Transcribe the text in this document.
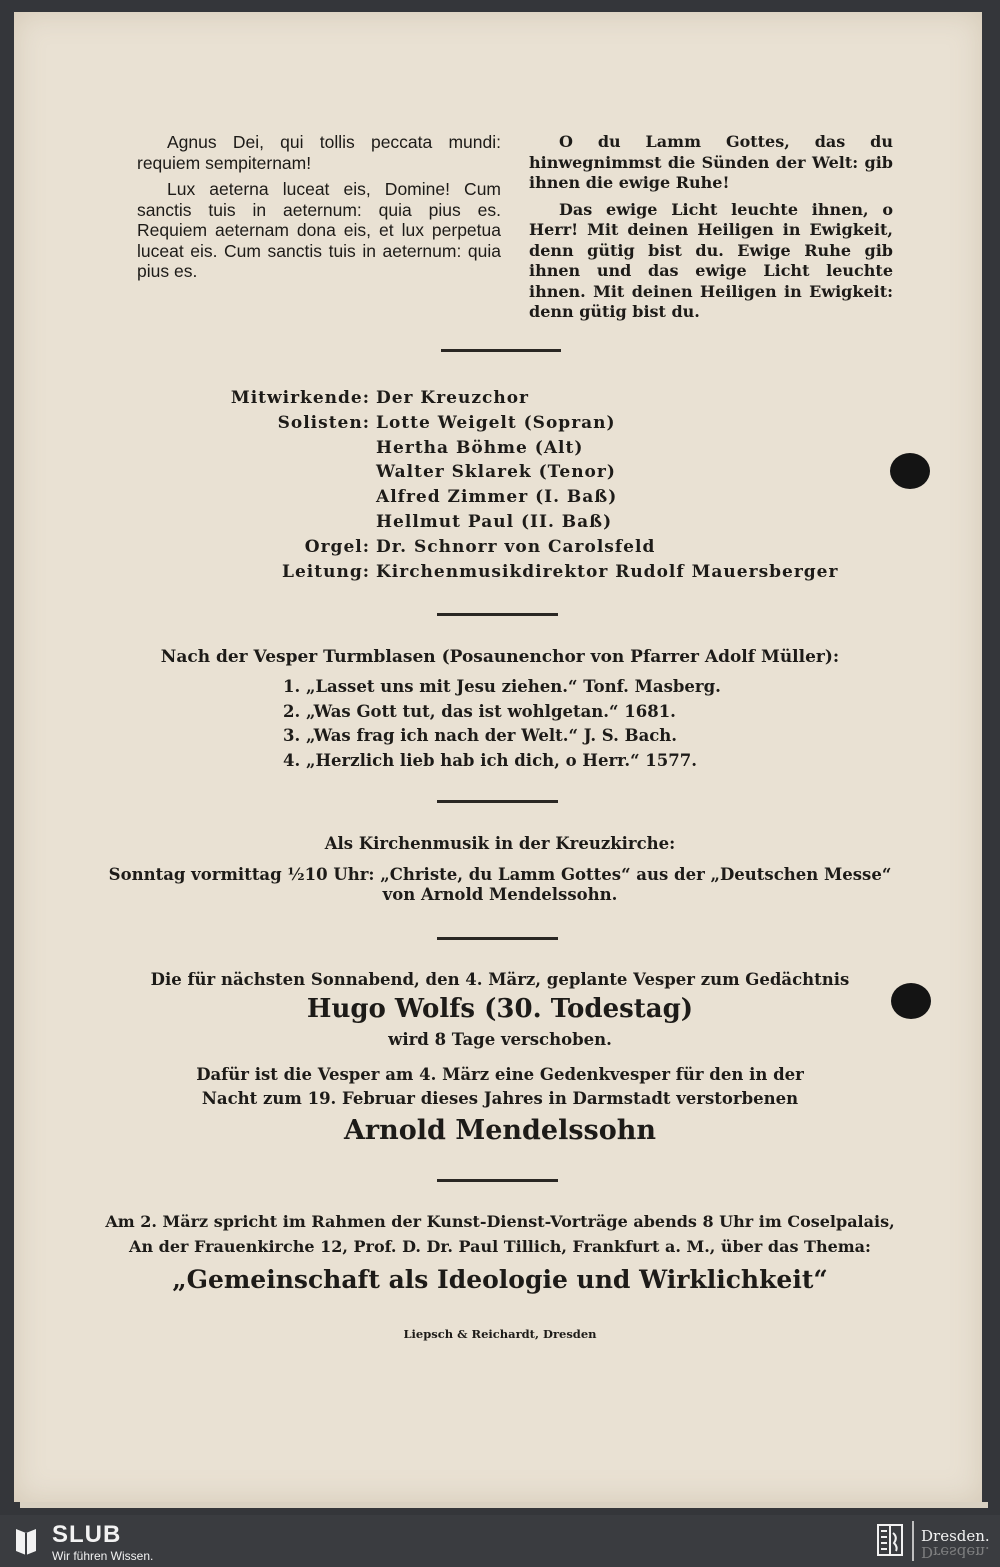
Agnus Dei, qui tollis peccata mundi: requiem sempiternam!

Lux aeterna luceat eis, Domine! Cum sanctis tuis in aeternum: quia pius es. Requiem aeternam dona eis, et lux perpetua luceat eis. Cum sanctis tuis in aeternum: quia pius es.

O du Lamm Gottes, das du hinwegnimmst die Sünden der Welt: gib ihnen die ewige Ruhe!

Das ewige Licht leuchte ihnen, o Herr! Mit deinen Heiligen in Ewigkeit, denn gütig bist du. Ewige Ruhe gib ihnen und das ewige Licht leuchte ihnen. Mit deinen Heiligen in Ewigkeit: denn gütig bist du.

Mitwirkende: Der Kreuzchor
Solisten: Lotte Weigelt (Sopran)
Hertha Böhme (Alt)
Walter Sklarek (Tenor)
Alfred Zimmer (I. Baß)
Hellmut Paul (II. Baß)
Orgel: Dr. Schnorr von Carolsfeld
Leitung: Kirchenmusikdirektor Rudolf Mauersberger
Nach der Vesper Turmblasen (Posaunenchor von Pfarrer Adolf Müller):
1. „Lasset uns mit Jesu ziehen.“ Tonf. Masberg.
2. „Was Gott tut, das ist wohlgetan.“ 1681.
3. „Was frag ich nach der Welt.“ J. S. Bach.
4. „Herzlich lieb hab ich dich, o Herr.“ 1577.
Als Kirchenmusik in der Kreuzkirche:
Sonntag vormittag ½10 Uhr: „Christe, du Lamm Gottes“ aus der „Deutschen Messe“
von Arnold Mendelssohn.
Die für nächsten Sonnabend, den 4. März, geplante Vesper zum Gedächtnis
Hugo Wolfs (30. Todestag)
wird 8 Tage verschoben.
Dafür ist die Vesper am 4. März eine Gedenkvesper für den in der
Nacht zum 19. Februar dieses Jahres in Darmstadt verstorbenen
Arnold Mendelssohn
Am 2. März spricht im Rahmen der Kunst-Dienst-Vorträge abends 8 Uhr im Coselpalais,
An der Frauenkirche 12, Prof. D. Dr. Paul Tillich, Frankfurt a. M., über das Thema:
„Gemeinschaft als Ideologie und Wirklichkeit“
Liepsch & Reichardt, Dresden
SLUB
Wir führen Wissen.
Dresden.
Dresden.
